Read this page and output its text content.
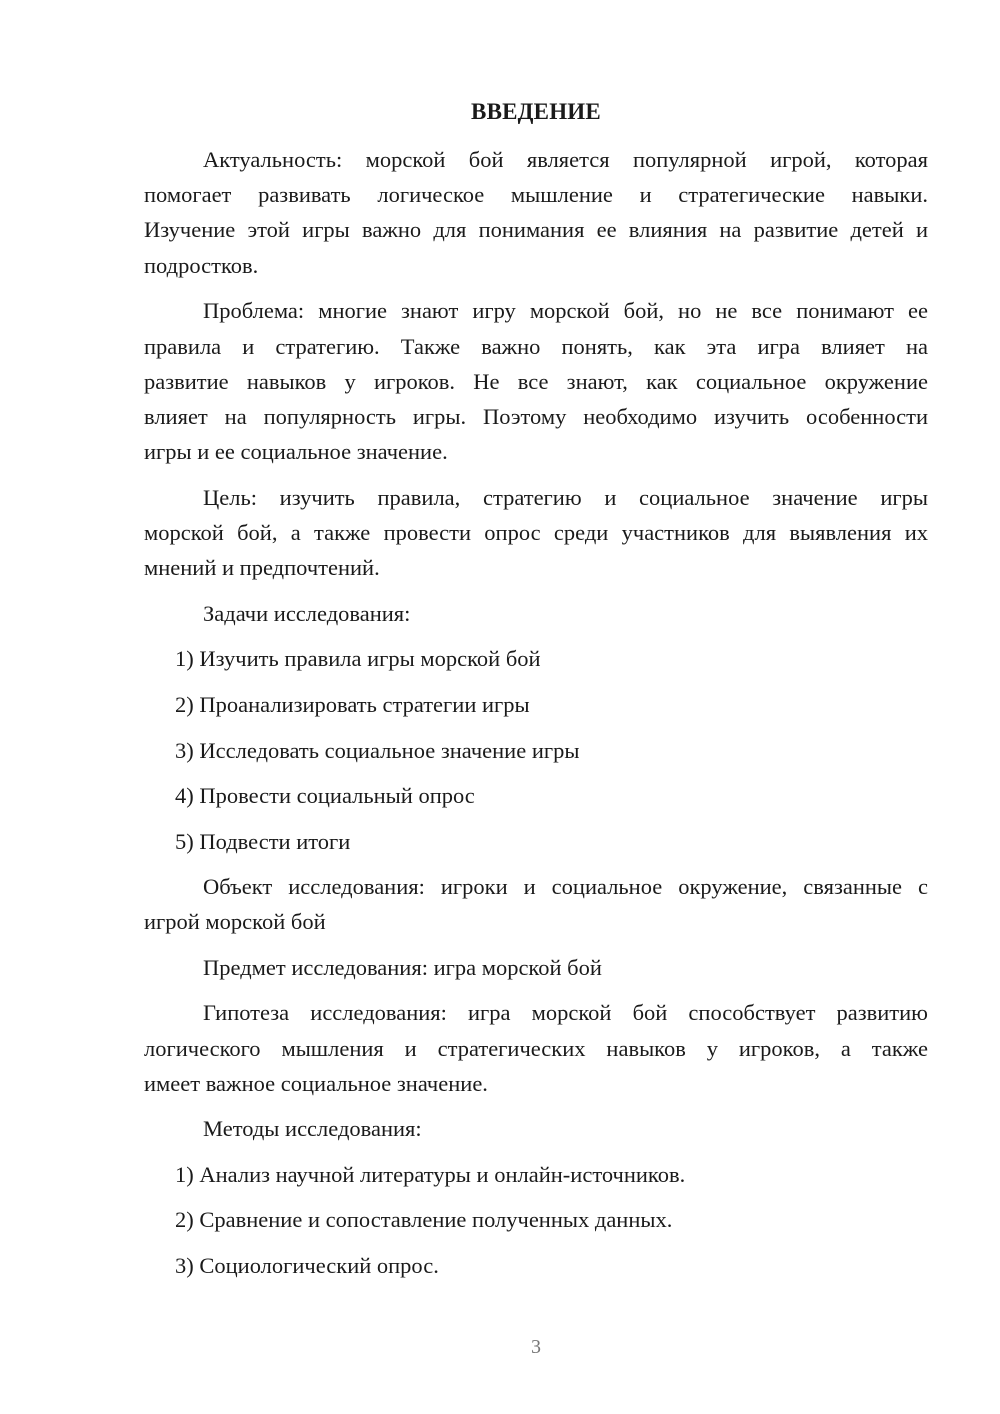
ВВЕДЕНИЕ
Актуальность: морской бой является популярной игрой, которая
помогает развивать логическое мышление и стратегические навыки.
Изучение этой игры важно для понимания ее влияния на развитие детей и
подростков.
Проблема: многие знают игру морской бой, но не все понимают ее
правила и стратегию. Также важно понять, как эта игра влияет на
развитие навыков у игроков. Не все знают, как социальное окружение
влияет на популярность игры. Поэтому необходимо изучить особенности
игры и ее социальное значение.
Цель: изучить правила, стратегию и социальное значение игры
морской бой, а также провести опрос среди участников для выявления их
мнений и предпочтений.
Задачи исследования:
1) Изучить правила игры морской бой
2) Проанализировать стратегии игры
3) Исследовать социальное значение игры
4) Провести социальный опрос
5) Подвести итоги
Объект исследования: игроки и социальное окружение, связанные с
игрой морской бой
Предмет исследования: игра морской бой
Гипотеза исследования: игра морской бой способствует развитию
логического мышления и стратегических навыков у игроков, а также
имеет важное социальное значение.
Методы исследования:
1) Анализ научной литературы и онлайн-источников.
2) Сравнение и сопоставление полученных данных.
3) Социологический опрос.
3
